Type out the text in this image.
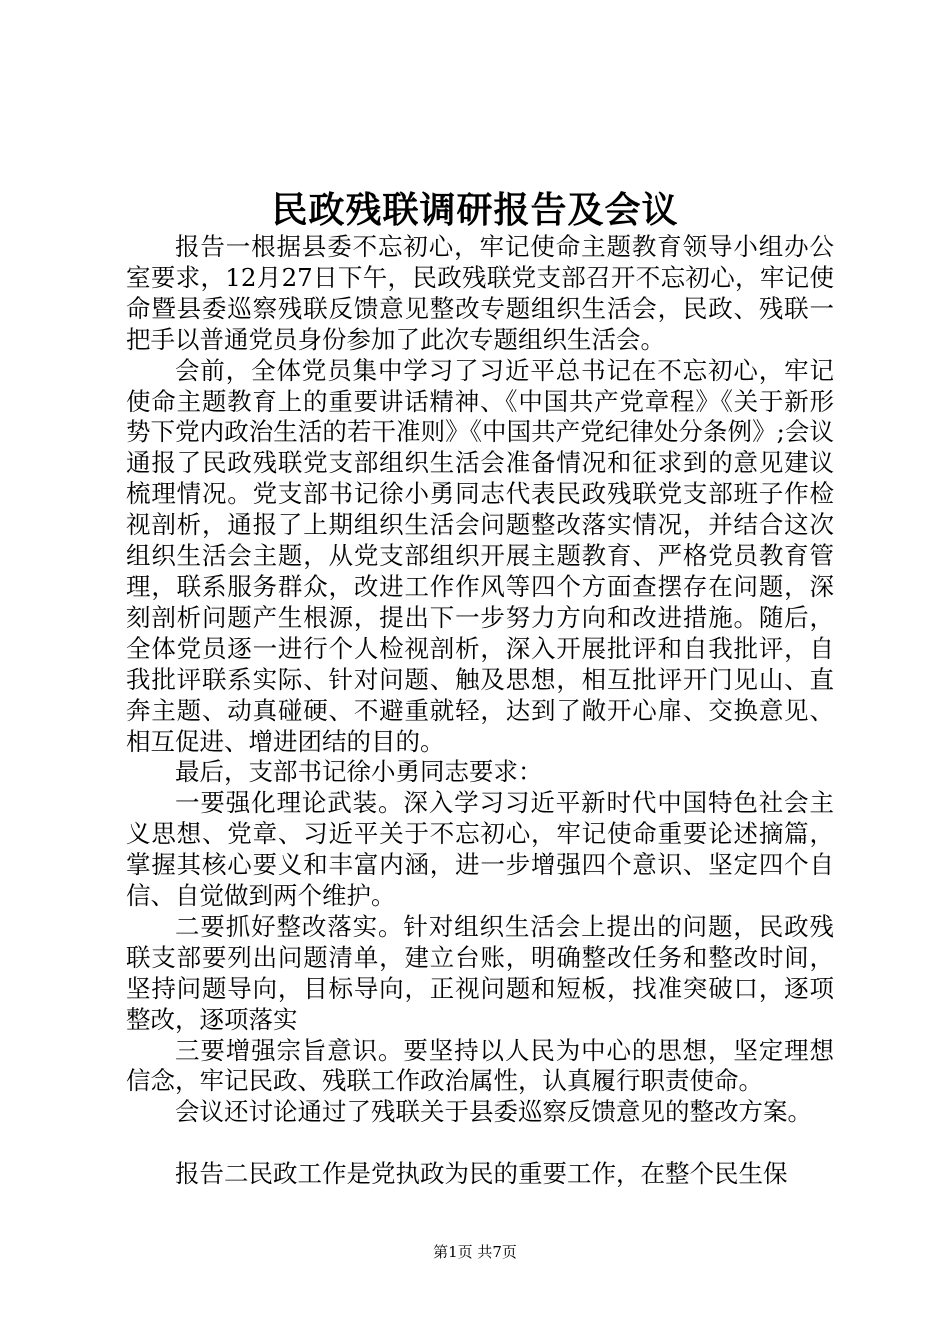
民政残联调研报告及会议

报告一根据县委不忘初心，牢记使命主题教育领导小组办公室要求，12月27日下午，民政残联党支部召开不忘初心，牢记使命暨县委巡察残联反馈意见整改专题组织生活会，民政、残联一把手以普通党员身份参加了此次专题组织生活会。

会前，全体党员集中学习了习近平总书记在不忘初心，牢记使命主题教育上的重要讲话精神、《中国共产党章程》《关于新形势下党内政治生活的若干准则》《中国共产党纪律处分条例》;会议通报了民政残联党支部组织生活会准备情况和征求到的意见建议梳理情况。党支部书记徐小勇同志代表民政残联党支部班子作检视剖析，通报了上期组织生活会问题整改落实情况，并结合这次组织生活会主题，从党支部组织开展主题教育、严格党员教育管理，联系服务群众，改进工作作风等四个方面查摆存在问题，深刻剖析问题产生根源，提出下一步努力方向和改进措施。随后，全体党员逐一进行个人检视剖析，深入开展批评和自我批评，自我批评联系实际、针对问题、触及思想，相互批评开门见山、直奔主题、动真碰硬、不避重就轻，达到了敞开心扉、交换意见、相互促进、增进团结的目的。

最后，支部书记徐小勇同志要求：

一要强化理论武装。深入学习习近平新时代中国特色社会主义思想、党章、习近平关于不忘初心，牢记使命重要论述摘篇，掌握其核心要义和丰富内涵，进一步增强四个意识、坚定四个自信、自觉做到两个维护。

二要抓好整改落实。针对组织生活会上提出的问题，民政残联支部要列出问题清单，建立台账，明确整改任务和整改时间，坚持问题导向，目标导向，正视问题和短板，找准突破口，逐项整改，逐项落实

三要增强宗旨意识。要坚持以人民为中心的思想，坚定理想信念，牢记民政、残联工作政治属性，认真履行职责使命。

会议还讨论通过了残联关于县委巡察反馈意见的整改方案。

报告二民政工作是党执政为民的重要工作，在整个民生保

第1页 共7页
